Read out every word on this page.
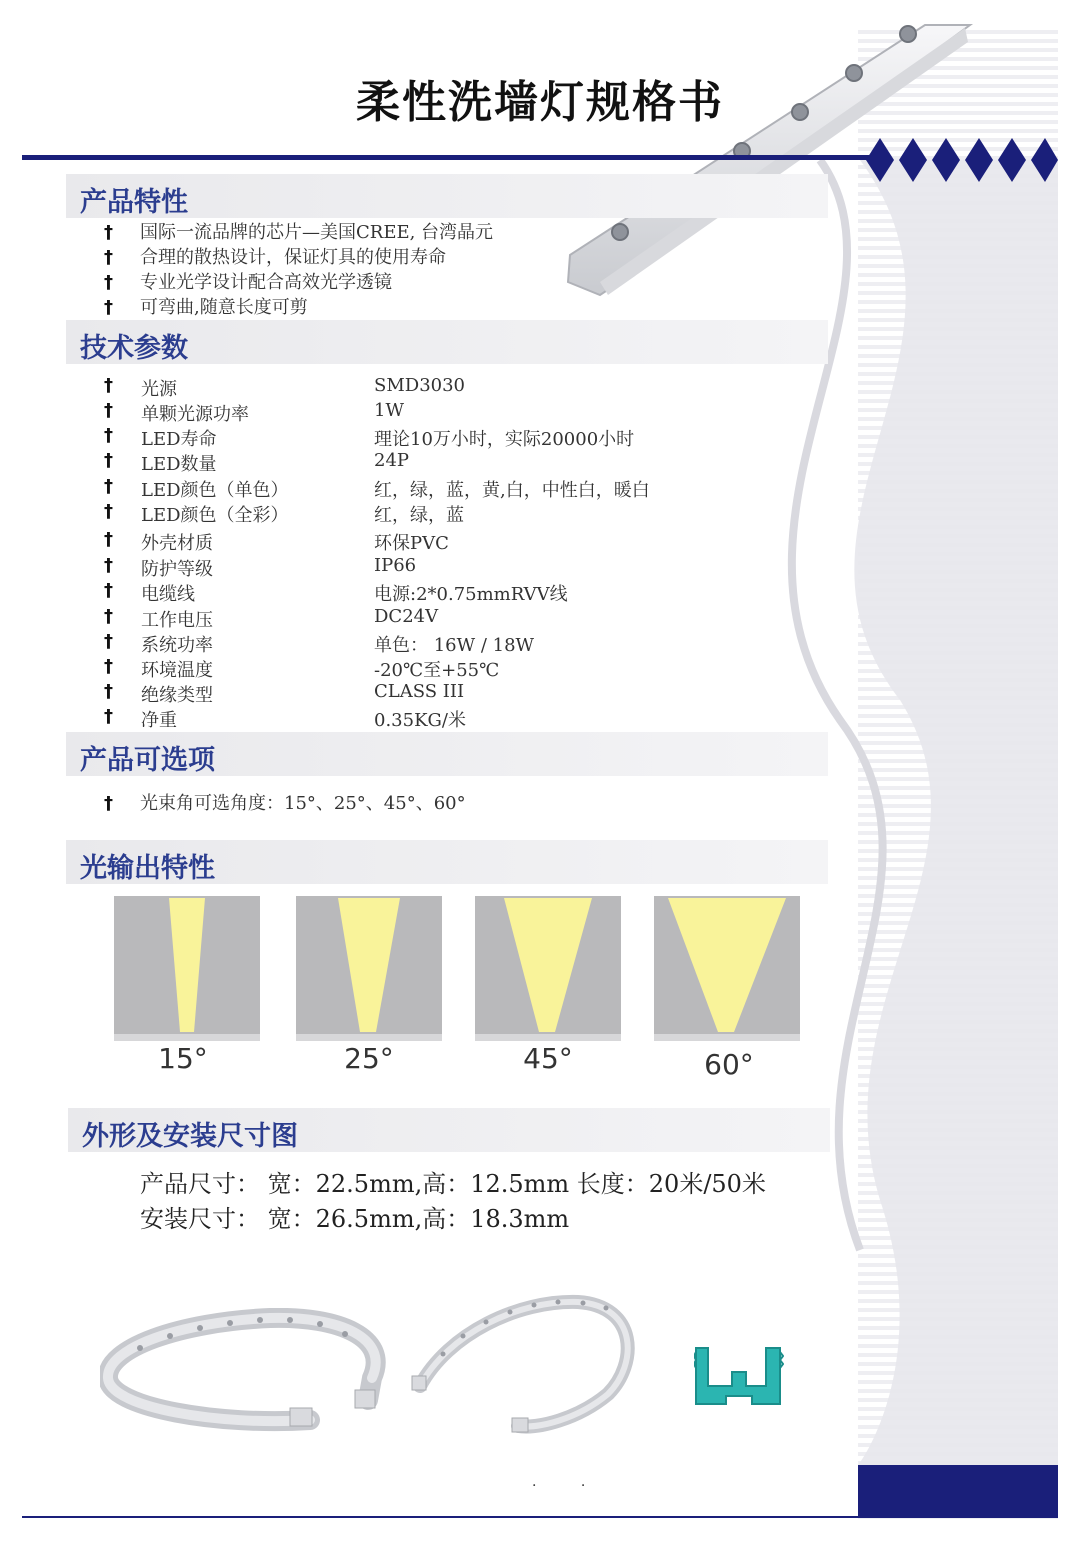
柔性洗墙灯规格书
产品特性
† 国际一流品牌的芯片—美国CREE, 台湾晶元
† 合理的散热设计，保证灯具的使用寿命
† 专业光学设计配合高效光学透镜
† 可弯曲,随意长度可剪
技术参数
† 光源	SMD3030
† 单颗光源功率	1W
† LED寿命	理论10万小时，实际20000小时
† LED数量	24P
† LED颜色（单色）	红，绿，蓝，黄,白，中性白，暖白
† LED颜色（全彩）	红，绿，蓝
† 外壳材质	环保PVC
† 防护等级	IP66
† 电缆线	电源:2*0.75mmRVV线
† 工作电压	DC24V
† 系统功率	单色： 16W / 18W
† 环境温度	-20℃至+55℃
† 绝缘类型	CLASS III
† 净重	0.35KG/米
产品可选项
† 光束角可选角度：15°、25°、45°、60°
光输出特性
15°	25°	45°	60°
外形及安装尺寸图
产品尺寸： 宽：22.5mm,高：12.5mm 长度：20米/50米
安装尺寸： 宽：26.5mm,高：18.3mm
· ·
